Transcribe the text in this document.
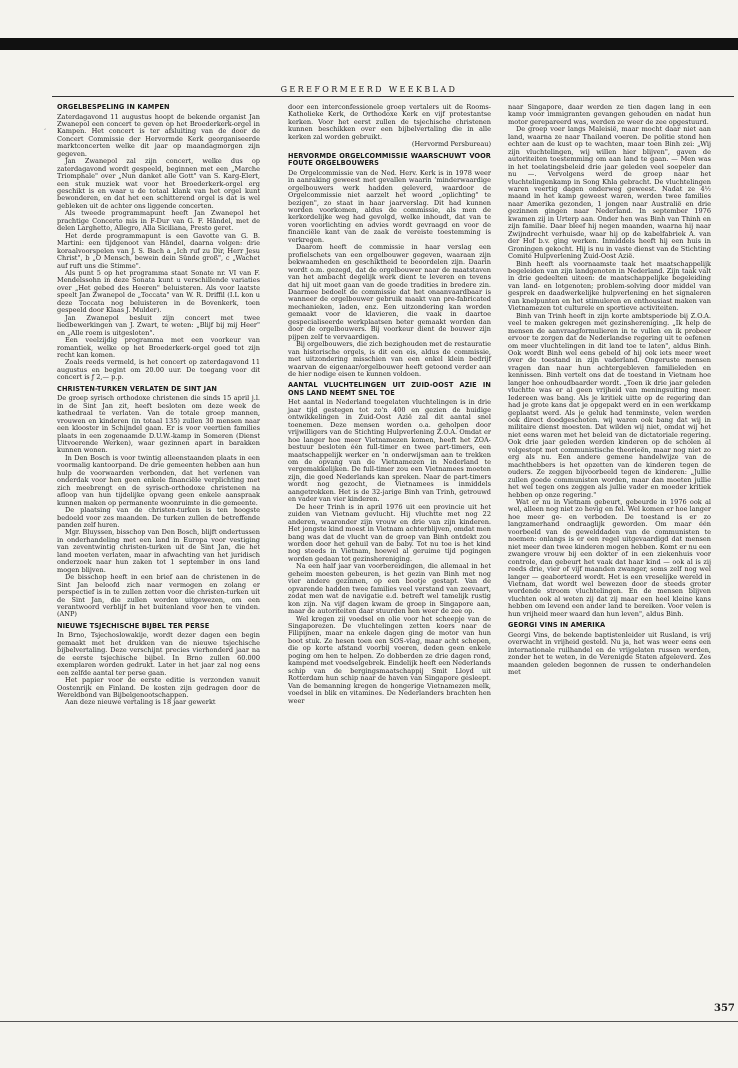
GEREFORMEERD WEEKBLAD
ʻ
ORGELBESPELING IN KAMPEN

Zaterdagavond 11 augustus hoopt de bekende organist Jan Zwanepol een concert te geven op het Broederkerk-orgel in Kampen. Het concert is ter afsluiting van de door de Concert Commissie der Hervormde Kerk georganiseerde marktconcerten welke dit jaar op maandagmorgen zijn gegeven.

Jan Zwanepol zal zijn concert, welke dus op zaterdagavond wordt gespeeld, beginnen met een „Marche Triomphale" over „Nun danket alle Gott" van S. Karg-Elert, een stuk muziek wat voor het Broederkerk-orgel erg geschikt is en waar u de totaal klank van het orgel kunt bewonderen, en dat het een schitterend orgel is dat is wel gebleken uit de achter ons liggende concerten.

Als tweede programmapunt heeft Jan Zwanepol het prachtige Concerto mis in F-Dur van G. F. Händel, met de delen Larghetto, Allegro, Alla Siciliana, Presto geret.

Het derde programmapunt is een Gavotte van G. B. Martini: een tijdgenoot van Händel, daarna volgen: drie koraalvoorspelen van J. S. Bach a „Ich ruf zu Dir, Herr Jesu Christ", b „O Mensch, bewein dein Sünde groß", c „Wachet auf ruft uns die Stimme".

Als punt 5 op het programma staat Sonate nr. VI van F. Mendelssohn in deze Sonata kunt u verschillende variaties over „Het gebed des Heeren" beluisteren. Als voor laatste speelt Jan Zwanepol de „Toccata" van W. R. Driffil (I.L kon u deze Toccata nog beluisteren in de Bovenkerk, toen gespeeld door Klaas J. Mulder).

Jan Zwanepol besluit zijn concert met twee liedbewerkingen van J. Zwart, te weten: „Blijf bij mij Heer" en „Alle roem is uitgesloten".

Een veelzijdig programma met een voorkeur van romantiek, welke op het Broederkerk-orgel goed tot zijn recht kan komen.

Zoals reeds vermeld, is het concert op zaterdagavond 11 augustus en begint om 20.00 uur. De toegang voor dit concert is ƒ 2,— p.p.

CHRISTEN-TURKEN VERLATEN DE SINT JAN

De groep syrisch orthodoxe christenen die sinds 15 april j.l. in de Sint Jan zit, heeft besloten om deze week de kathedraal te verlaten. Van de totale groep mannen, vrouwen en kinderen (in totaal 135) zullen 30 mensen naar een klooster in Schijndel gaan. Er is voor veertien families plaats in een zogenaamde D.U.W.-kamp in Someren (Dienst Uitvoerende Werken), waar gezinnen apart in barakken kunnen wonen.

In Den Bosch is voor twintig alleenstaanden plaats in een voormalig kantoorpand. De drie gemeenten hebben aan hun hulp de voorwaarden verbonden, dat het verlenen van onderdak voor hen geen enkele financiële verplichting met zich meebrengt en de syrisch-orthodoxe christenen na afloop van hun tijdelijke opvang geen enkele aanspraak kunnen maken op permanente woonruimte in die gemeente.

De plaatsing van de christen-turken is ten hoogste bedoeld voor zes maanden. De turken zullen de betreffende panden zelf huren.

Mgr. Bluyssen, bisschop van Den Bosch, blijft ondertussen in onderhandeling met een land in Europa voor vestiging van zeventwintig christen-turken uit de Sint Jan, die het land moeten verlaten, maar in afwachting van het juridisch onderzoek naar hun zaken tot 1 september in ons land mogen blijven.

De bisschop heeft in een brief aan de christenen in de Sint Jan beloofd zich naar vermogen en zolang er perspectief is in te zullen zetten voor die christen-turken uit de Sint Jan, die zullen worden uitgewezen, om een verantwoord verblijf in het buitenland voor hen te vinden. (ANP)

NIEUWE TSJECHISCHE BIJBEL TER PERSE

In Brno, Tsjechoslowakije, wordt dezer dagen een begin gemaakt met het drukken van de nieuwe tsjechische bijbelvertaling. Deze verschijnt precies vierhonderd jaar na de eerste tsjechische bijbel. In Brno zullen 60.000 exemplaren worden gedrukt. Later in het jaar zal nog eens een zelfde aantal ter perse gaan.

Het papier voor de eerste editie is verzonden vanuit Oostenrijk en Finland. De kosten zijn gedragen door de Wereldbond van Bijbelgenootschappen.

Aan deze nieuwe vertaling is 18 jaar gewerkt

door een interconfessionele groep vertalers uit de Rooms-Katholieke Kerk, de Orthodoxe Kerk en vijf protestantse kerken. Voor het eerst zullen de tsjechische christenen kunnen beschikken over een bijbelvertaling die in alle kerken zal worden gebruikt.

(Hervormd Persbureau)

HERVORMDE ORGELCOMMISSIE WAARSCHUWT VOOR FOUTE ORGELBOUWERS

De Orgelcommissie van de Ned. Herv. Kerk is in 1978 weer in aanraking geweest met gevallen waarin ’minderwaardige orgelbouwers werk hadden geleverd, waardoor de Orgelcommissie niet aarzelt het woord „oplichting" te bezigen", zo staat in haar jaarverslag. Dit had kunnen worden voorkomen, aldus de commissie, als men de kerkordelijke weg had gevolgd, welke inhoudt, dat van te voren voorlichting en advies wordt gevraagd en voor de financiële kant van de zaak de vereiste toestemming is verkregen.

Daarom heeft de commissie in haar verslag een profielschets van een orgelbouwer gegeven, waaraan zijn bekwaamheden en geschiktheid te beoordelen zijn. Daarin wordt o.m. gezegd, dat de orgelbouwer naar de maatstaven van het ambacht degelijk werk dient te leveren en tevens dat hij uit moet gaan van de goede tradities in bredere zin. Daarmee bedoelt de commissie dat het onaanvaardbaar is wanneer de orgelbouwer gebruik maakt van pre-fabricated mechanieken, laden, enz. Een uitzondering kan worden gemaakt voor de klavieren, die vaak in daartoe gespecialiseerde werkplaatsen beter gemaakt worden dan door de orgelbouwers. Bij voorkeur dient de bouwer zijn pijpen zelf te vervaardigen.

Bij orgelbouwers, die zich bezighouden met de restauratie van historische orgels, is dit een eis, aldus de commissie, met uitzondering misschien van een enkel klein bedrijf waarvan de eigenaar/orgelbouwer heeft getoond verder aan de hier nodige eisen te kunnen voldoen.

AANTAL VLUCHTELINGEN UIT ZUID-OOST AZIE IN ONS LAND NEEMT SNEL TOE

Het aantal in Nederland toegelaten vluchtelingen is in drie jaar tijd gestegen tot zo'n 400 en gezien de huidige ontwikkelingen in Zuid-Oost Azië zal dit aantal snel toenemen. Deze mensen worden o.a. geholpen door vrijwilligers van de Stichting Hulpverlening Z.O.A. Omdat er hoe langer hoe meer Vietnamezen komen, heeft het ZOA-bestuur besloten één full-timer en twee part-timers, een maatschappelijk werker en ’n onderwijsman aan te trekken om de opvang van de Vietnamezen in Nederland te vergemakkelijken. De full-timer zou een Vietnamees moeten zijn, die goed Nederlands kan spreken. Naar de part-timers wordt nog gezocht, de Vietnamees is inmiddels aangetrokken. Het is de 32-jarige Binh van Trinh, getrouwd en vader van vier kinderen.

De heer Trinh is in april 1976 uit een provincie uit het zuiden van Vietnam gevlucht. Hij vluchtte met nog 22 anderen, waaronder zijn vrouw en drie van zijn kinderen. Het jongste kind moest in Vietnam achterblijven, omdat men bang was dat de vlucht van de groep van Binh ontdekt zou worden door het gehuil van de baby. Tot nu toe is het kind nog steeds in Vietnam, hoewel al geruime tijd pogingen worden gedaan tot gezinshereniging.

Na een half jaar van voorbereidingen, die allemaal in het geheim moesten gebeuren, is het gezin van Binh met nog vier andere gezinnen, op een bootje gestapt. Van de opvarende hadden twee families veel verstand van zeevaart, zodat men wat de navigatie e.d. betreft wel tamelijk rustig kon zijn. Na vijf dagen kwam de groep in Singapore aan, maar de autoriteiten daar stuurden hen weer de zee op.

Wel kregen zij voedsel en olie voor het scheepje van de Singaporezen. De vluchtelingen zetten koers naar de Filipijnen, maar na enkele dagen ging de motor van hun boot stuk. Ze hesen toen een SOS-vlag, maar acht schepen, die op korte afstand voorbij voeren, deden geen enkele poging om hen te helpen. Zo dobberden ze drie dagen rond, kampend met voedselgebrek. Eindelijk heeft een Nederlands schip van de bergingsmaatschappij Smit Lloyd uit Rotterdam hun schip naar de haven van Singapore gesleept. Van de bemanning kregen de hongerige Vietnamezen melk, voedsel in blik en vitamines. De Nederlanders brachten hen weer

naar Singapore, daar werden ze tien dagen lang in een kamp voor immigranten gevangen gehouden en nadat hun motor gerepareerd was, werden ze weer de zee opgestuurd.

De groep voer langs Maleisië, maar mocht daar niet aan land, waarna ze naar Thailand voeren. De politie stond hen echter aan de kust op te wachten, maar toen Binh zei: „Wij zijn vluchtelingen, wij willen hier blijven", gaven de autoriteiten toestemming om aan land te gaan. — Men was in het toelatingsbeleid drie jaar geleden veel soepeler dan nu —. Vervolgens werd de groep naar het vluchtelingenkamp in Song Khla gebracht. De vluchtelingen waren veertig dagen onderweg geweest. Nadat ze 4½ maand in het kamp geweest waren, werden twee families naar Amerika gezonden, 1 jongen naar Australië en drie gezinnen gingen naar Nederland. In september 1976 kwamen zij in Urterp aan. Onder hen was Binh van Thinh en zijn familie. Daar bleef hij negen maanden, waarna hij naar Zwijndrecht verhuisde, waar hij op de kabelfabriek A. van der Hof b.v. ging werken. Inmiddels heeft hij een huis in Groningen gekocht. Hij is nu in vaste dienst van de Stichting Comité Hulpverlening Zuid-Oost Azië.

Binh heeft als voornaamste taak het maatschappelijk begeleiden van zijn landgenoten in Nederland. Zijn taak valt in drie gedeelten uiteen: de maatschappelijke begeleiding van land- en lotgenoten; problem-solving door middel van gesprek en daadwerkelijke hulpverlening en het signaleren van knelpunten en het stimuleren en enthousiast maken van Vietnamezen tot culturele en sportieve activiteiten.

Binh van Trinh heeft in zijn korte ambtsperiode bij Z.O.A. veel te maken gekregen met gezinshereniging. „Ik help de mensen de aanvraagformulieren in te vullen en ik probeer ervoor te zorgen dat de Nederlandse regering uit te oefenen om meer vluchtelingen in dit land toe te laten", aldus Binh. Ook wordt Binh wel eens gebeld of hij ook iets meer weet over de toestand in zijn vaderland. Ongeruste mensen vragen dan naar hun achtergebleven familieleden en kennissen. Binh vertelt ons dat de toestand in Vietnam hoe langer hoe onhoudbaarder wordt. „Toen ik drie jaar geleden vluchtte was er al geen vrijheid van meningsuiting meer. Iedereen was bang. Als je kritiek uitte op de regering dan had je grote kans dat je opgepakt werd en in een werkkamp geplaatst werd. Als je geluk had tenminste, velen werden ook direct doodgeschoten. wij waren ook bang dat wij in militaire dienst moesten. Dat wilden wij niet, omdat wij het niet eens waren met het beleid van de dictatoriale regering. Ook drie jaar geleden werden kinderen op de scholen al volgestopt met communistische theorieën, maar nog niet zo erg als nu. Een andere gemene handelwijze van de machthebbers is het opzetten van de kinderen tegen de ouders. Ze zeggen bijvoorbeeld tegen de kinderen: „Jullie zullen goede communisten worden, maar dan moeten jullie het wel tegen ons zeggen als jullie vader en moeder kritiek hebben op onze regering."

Wat er nu in Vietnam gebeurt, gebeurde in 1976 ook al wel, alleen nog niet zo hevig en fel. Wel komen er hoe langer hoe meer ge- en verboden. De toestand is er zo langzamerhand ondraaglijk geworden. Om maar één voorbeeld van de gewelddaden van de communisten te noemen: onlangs is er een regel uitgevaardigd dat mensen niet meer dan twee kinderen mogen hebben. Komt er nu een zwangere vrouw bij een dokter of in een ziekenhuis voor controle, dan gebeurt het vaak dat haar kind — ook al is zij reeds drie, vier of vijf maanden zwanger, soms zelf nog wel langer — geaborteerd wordt. Het is een vreselijke wereld in Vietnam, dat wordt wel bewezen door de steeds groter wordende stroom vluchtelingen. En de mensen blijven vluchten ook al weten zij dat zij maar een heel kleine kans hebben om levend een ander land te bereiken. Voor velen is hun vrijheid meer waard dan hun leven", aldus Binh.

GEORGI VINS IN AMERIKA

Georgi Vins, de bekende baptistenleider uit Rusland, is vrij overwacht in vrijheid gesteld. Nu ja, het was weer eens een internationale ruilhandel en de vrijgelaten russen werden, zonder het te weten, in de Verenigde Staten afgeleverd. Zes maanden geleden begonnen de russen te onderhandelen met

357
